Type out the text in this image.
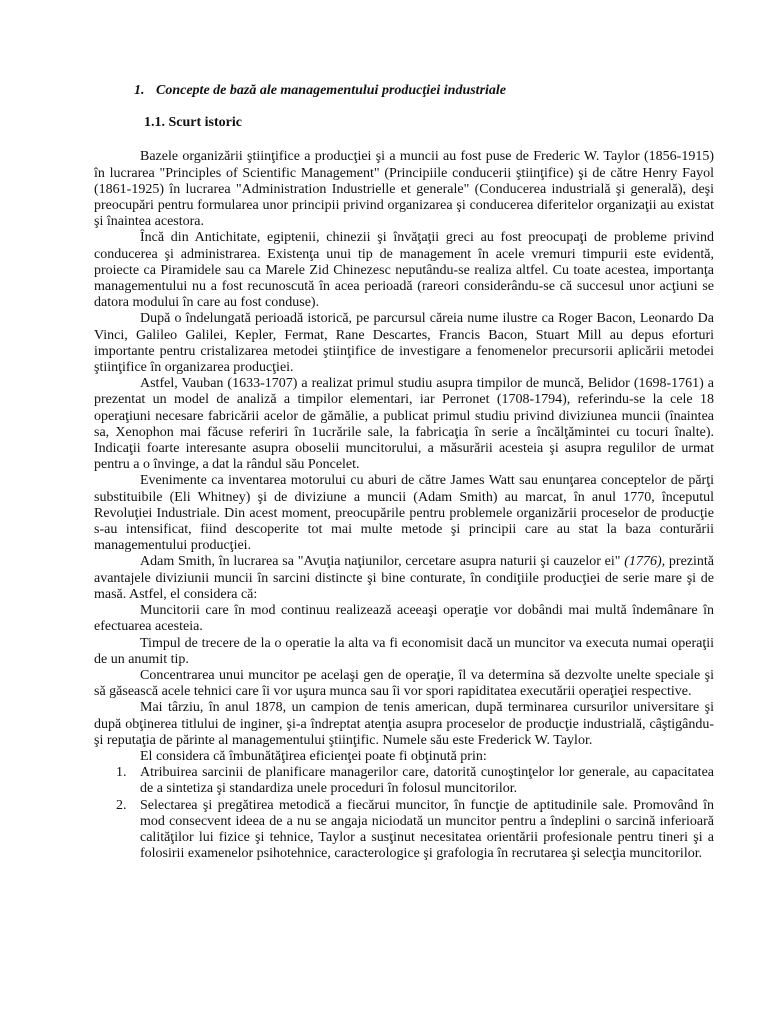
1. Concepte de bază ale managementului producţiei industriale
1.1. Scurt istoric

Bazele organizării ştiinţifice a producţiei şi a muncii au fost puse de Frederic W. Taylor (1856-1915) în lucrarea "Principles of Scientific Management" (Principiile conducerii ştiinţifice) şi de către Henry Fayol (1861-1925) în lucrarea "Administration Industrielle et generale" (Conducerea industrială şi generală), deşi preocupări pentru formularea unor principii privind organizarea şi conducerea diferitelor organizaţii au existat şi înaintea acestora.

Încă din Antichitate, egiptenii, chinezii şi învăţaţii greci au fost preocupaţi de probleme privind conducerea şi administrarea. Existenţa unui tip de management în acele vremuri timpurii este evidentă, proiecte ca Piramidele sau ca Marele Zid Chinezesc neputându-se realiza altfel. Cu toate acestea, importanţa managementului nu a fost recunoscută în acea perioadă (rareori considerându-se că succesul unor acţiuni se datora modului în care au fost conduse).

După o îndelungată perioadă istorică, pe parcursul căreia nume ilustre ca Roger Bacon, Leonardo Da Vinci, Galileo Galilei, Kepler, Fermat, Rane Descartes, Francis Bacon, Stuart Mill au depus eforturi importante pentru cristalizarea metodei ştiinţifice de investigare a fenomenelor precursorii aplicării metodei ştiinţifice în organizarea producţiei.

Astfel, Vauban (1633-1707) a realizat primul studiu asupra timpilor de muncă, Belidor (1698-1761) a prezentat un model de analiză a timpilor elementari, iar Perronet (1708-1794), referindu-se la cele 18 operaţiuni necesare fabricării acelor de gămălie, a publicat primul studiu privind diviziunea muncii (înaintea sa, Xenophon mai făcuse referiri în 1ucrările sale, la fabricaţia în serie a încălţămintei cu tocuri înalte). Indicaţii foarte interesante asupra oboselii muncitorului, a măsurării acesteia şi asupra regulilor de urmat pentru a o învinge, a dat la rândul său Poncelet.

Evenimente ca inventarea motorului cu aburi de către James Watt sau enunţarea conceptelor de părţi substituibile (Eli Whitney) şi de diviziune a muncii (Adam Smith) au marcat, în anul 1770, începutul Revoluţiei Industriale. Din acest moment, preocupările pentru problemele organizării proceselor de producţie s-au intensificat, fiind descoperite tot mai multe metode şi principii care au stat la baza conturării managementului producţiei.

Adam Smith, în lucrarea sa "Avuţia naţiunilor, cercetare asupra naturii şi cauzelor ei" (1776), prezintă avantajele diviziunii muncii în sarcini distincte şi bine conturate, în condiţiile producţiei de serie mare şi de masă. Astfel, el considera că:

Muncitorii care în mod continuu realizează aceeaşi operaţie vor dobândi mai multă îndemânare în efectuarea acesteia.

Timpul de trecere de la o operatie la alta va fi economisit dacă un muncitor va executa numai operaţii de un anumit tip.

Concentrarea unui muncitor pe acelaşi gen de operaţie, îl va determina să dezvolte unelte speciale şi să găsească acele tehnici care îi vor uşura munca sau îi vor spori rapiditatea executării operaţiei respective.

Mai târziu, în anul 1878, un campion de tenis american, după terminarea cursurilor universitare şi după obţinerea titlului de inginer, şi-a îndreptat atenţia asupra proceselor de producţie industrială, câştigându-şi reputaţia de părinte al managementului ştiinţific. Numele său este Frederick W. Taylor.

El considera că îmbunătăţirea eficienţei poate fi obţinută prin:

1. Atribuirea sarcinii de planificare managerilor care, datorită cunoştinţelor lor generale, au capacitatea de a sintetiza şi standardiza unele proceduri în folosul muncitorilor.
2. Selectarea şi pregătirea metodică a fiecărui muncitor, în funcţie de aptitudinile sale. Promovând în mod consecvent ideea de a nu se angaja niciodată un muncitor pentru a îndeplini o sarcină inferioară calităţilor lui fizice şi tehnice, Taylor a susţinut necesitatea orientării profesionale pentru tineri şi a folosirii examenelor psihotehnice, caracterologice şi grafologia în recrutarea şi selecţia muncitorilor.
